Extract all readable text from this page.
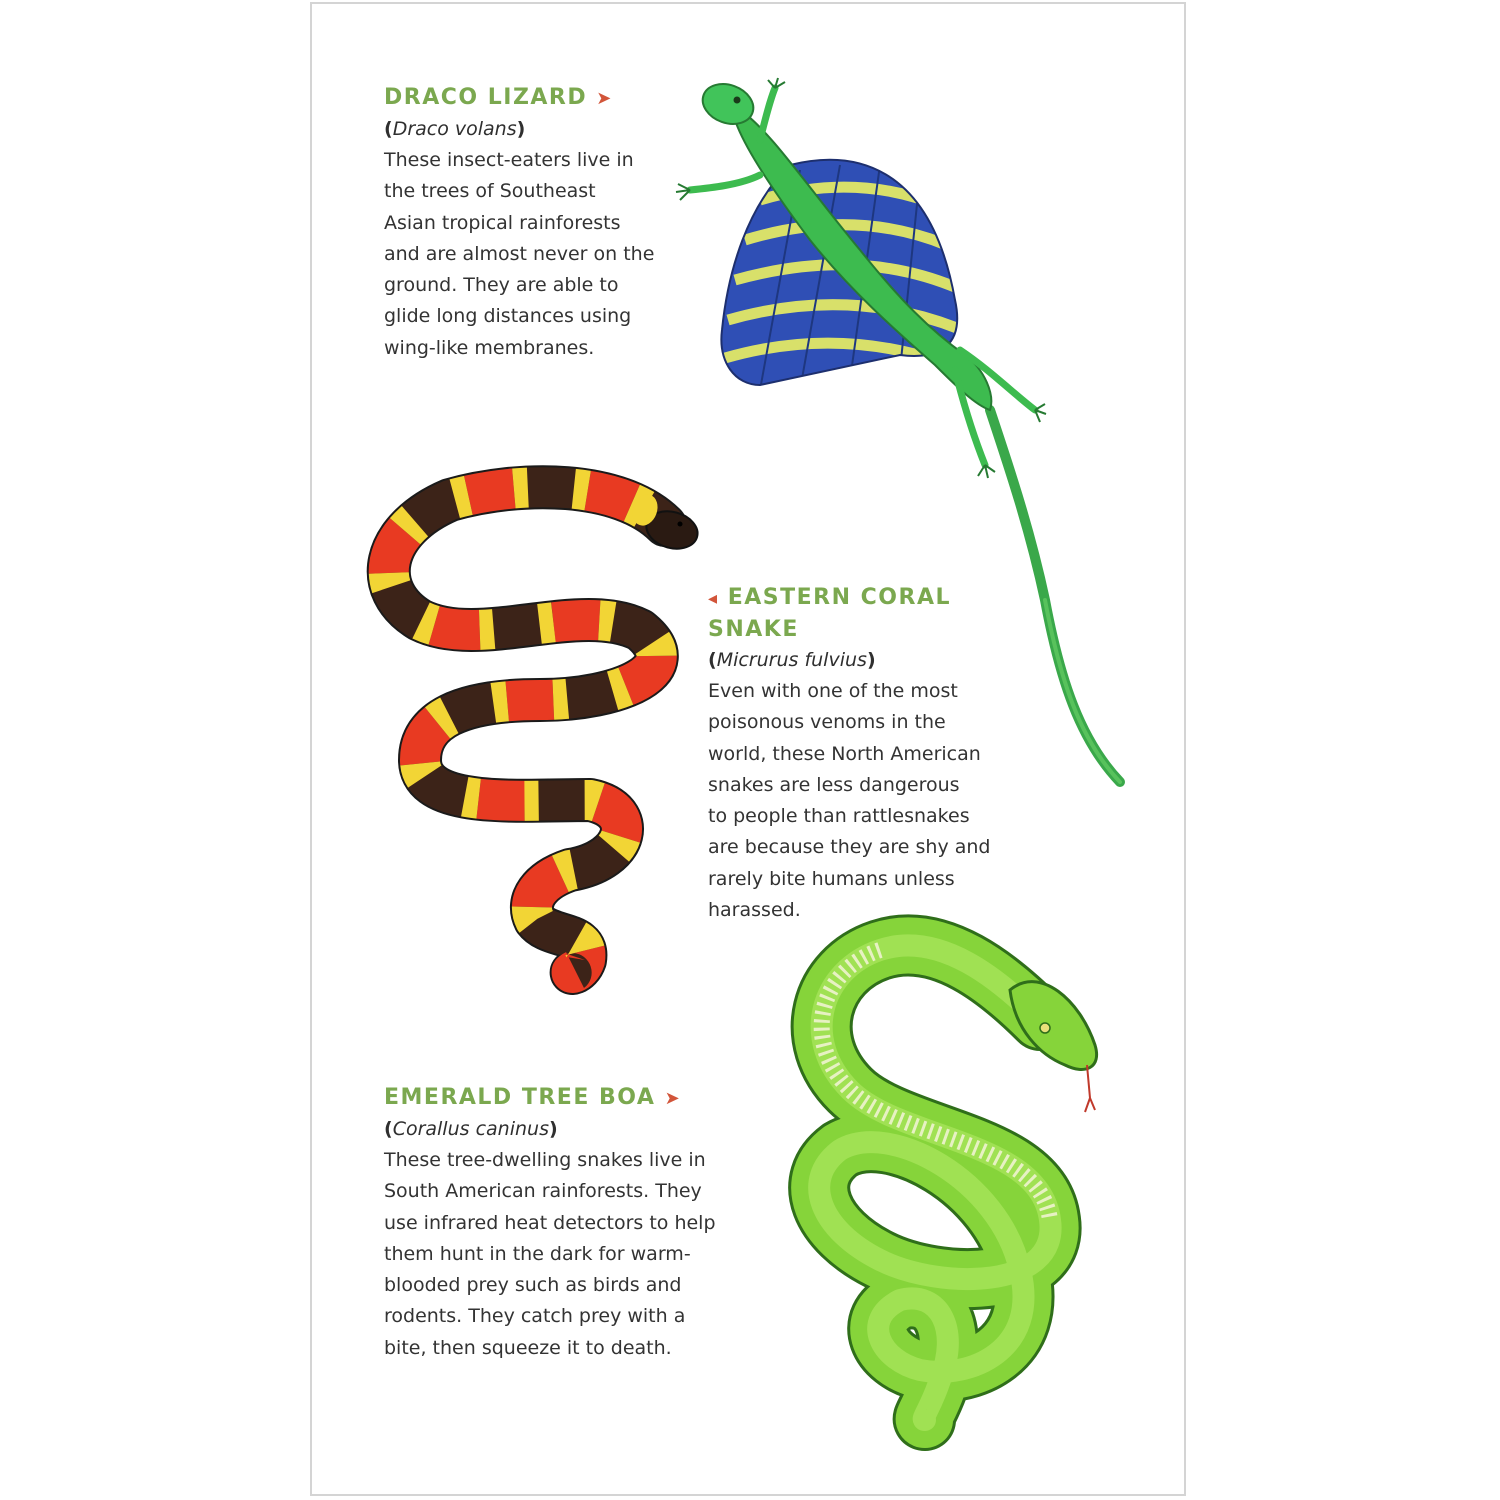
DRACO LIZARD ➤
(Draco volans)

These insect-eaters live in
the trees of Southeast
Asian tropical rainforests
and are almost never on the
ground. They are able to
glide long distances using
wing-like membranes.

◂ EASTERN CORAL
SNAKE
(Micrurus fulvius)

Even with one of the most
poisonous venoms in the
world, these North American
snakes are less dangerous
to people than rattlesnakes
are because they are shy and
rarely bite humans unless
harassed.

EMERALD TREE BOA ➤
(Corallus caninus)

These tree-dwelling snakes live in
South American rainforests. They
use infrared heat detectors to help
them hunt in the dark for warm-
blooded prey such as birds and
rodents. They catch prey with a
bite, then squeeze it to death.
